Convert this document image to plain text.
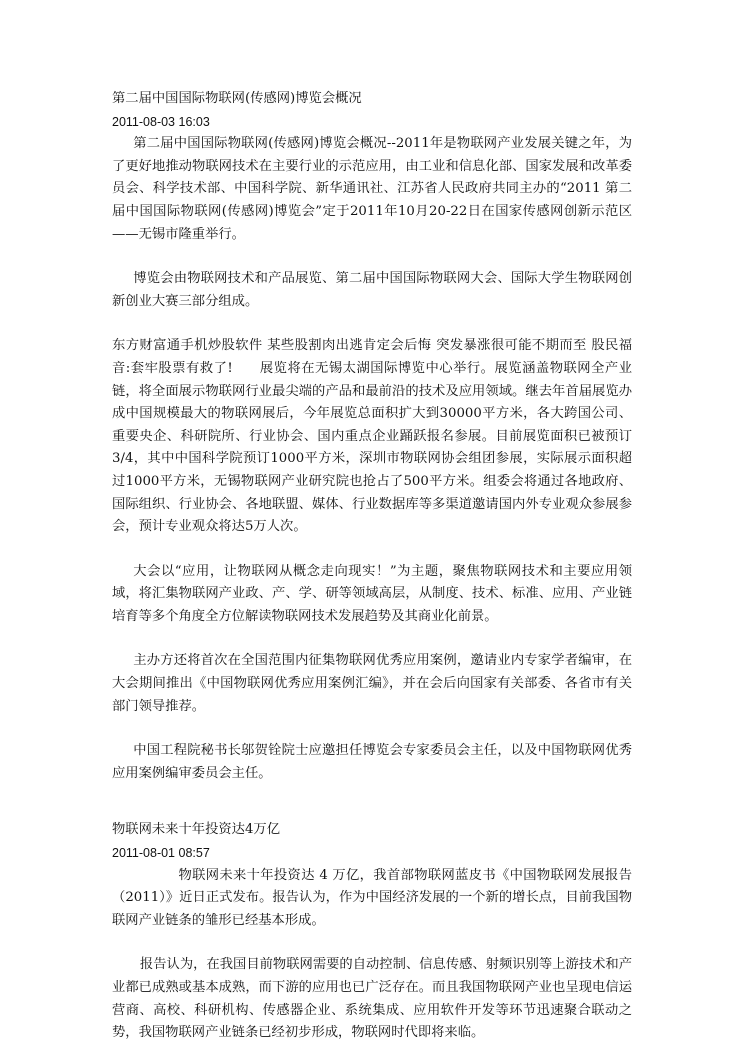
第二届中国国际物联网(传感网)博览会概况

2011-08-03 16:03

第二届中国国际物联网(传感网)博览会概况--2011年是物联网产业发展关键之年，为了更好地推动物联网技术在主要行业的示范应用，由工业和信息化部、国家发展和改革委员会、科学技术部、中国科学院、新华通讯社、江苏省人民政府共同主办的“2011 第二届中国国际物联网(传感网)博览会”定于2011年10月20-22日在国家传感网创新示范区——无锡市隆重举行。

博览会由物联网技术和产品展览、第二届中国国际物联网大会、国际大学生物联网创新创业大赛三部分组成。

东方财富通手机炒股软件 某些股割肉出逃肯定会后悔 突发暴涨很可能不期而至 股民福音:套牢股票有救了!   展览将在无锡太湖国际博览中心举行。展览涵盖物联网全产业链，将全面展示物联网行业最尖端的产品和最前沿的技术及应用领域。继去年首届展览办成中国规模最大的物联网展后，今年展览总面积扩大到30000平方米，各大跨国公司、重要央企、科研院所、行业协会、国内重点企业踊跃报名参展。目前展览面积已被预订3/4，其中中国科学院预订1000平方米，深圳市物联网协会组团参展，实际展示面积超过1000平方米，无锡物联网产业研究院也抢占了500平方米。组委会将通过各地政府、国际组织、行业协会、各地联盟、媒体、行业数据库等多渠道邀请国内外专业观众参展参会，预计专业观众将达5万人次。

大会以“应用，让物联网从概念走向现实！”为主题，聚焦物联网技术和主要应用领域，将汇集物联网产业政、产、学、研等领域高层，从制度、技术、标准、应用、产业链培育等多个角度全方位解读物联网技术发展趋势及其商业化前景。

主办方还将首次在全国范围内征集物联网优秀应用案例，邀请业内专家学者编审，在大会期间推出《中国物联网优秀应用案例汇编》，并在会后向国家有关部委、各省市有关部门领导推荐。

中国工程院秘书长邬贺铨院士应邀担任博览会专家委员会主任，以及中国物联网优秀应用案例编审委员会主任。

物联网未来十年投资达4万亿

2011-08-01 08:57

物联网未来十年投资达 4 万亿，我首部物联网蓝皮书《中国物联网发展报告（2011）》近日正式发布。报告认为，作为中国经济发展的一个新的增长点，目前我国物联网产业链条的雏形已经基本形成。

报告认为，在我国目前物联网需要的自动控制、信息传感、射频识别等上游技术和产业都已成熟或基本成熟，而下游的应用也已广泛存在。而且我国物联网产业也呈现电信运营商、高校、科研机构、传感器企业、系统集成、应用软件开发等环节迅速聚合联动之势，我国物联网产业链条已经初步形成，物联网时代即将来临。
